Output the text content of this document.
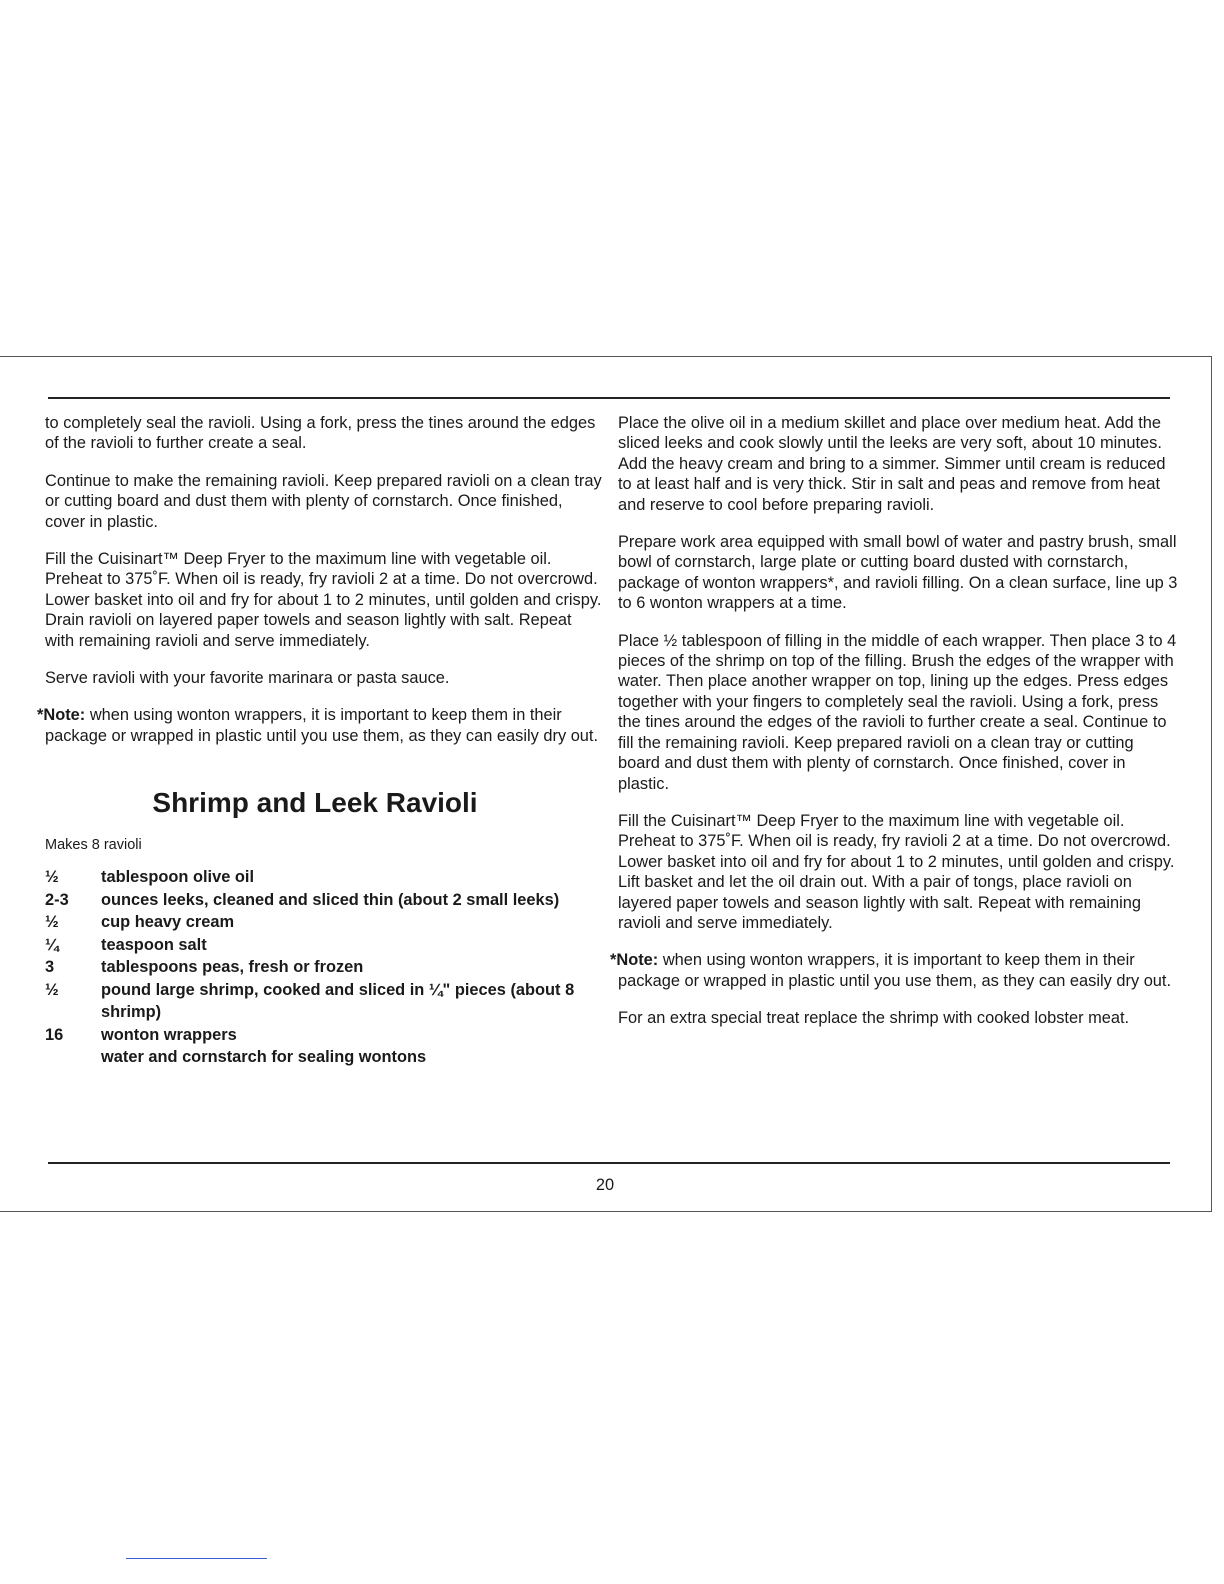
to completely seal the ravioli. Using a fork, press the tines around the edges of the ravioli to further create a seal.

Continue to make the remaining ravioli. Keep prepared ravioli on a clean tray or cutting board and dust them with plenty of cornstarch. Once finished, cover in plastic.

Fill the Cuisinart™ Deep Fryer to the maximum line with vegetable oil. Preheat to 375˚F. When oil is ready, fry ravioli 2 at a time. Do not overcrowd. Lower basket into oil and fry for about 1 to 2 minutes, until golden and crispy. Drain ravioli on layered paper towels and season lightly with salt. Repeat with remaining ravioli and serve immediately.

Serve ravioli with your favorite marinara or pasta sauce.

*Note: when using wonton wrappers, it is important to keep them in their package or wrapped in plastic until you use them, as they can easily dry out.

Shrimp and Leek Ravioli
Makes 8 ravioli
½	tablespoon olive oil
2-3 ounces leeks, cleaned and sliced thin (about 2 small leeks)
½	cup heavy cream
¼	teaspoon salt
3	tablespoons peas, fresh or frozen
½	pound large shrimp, cooked and sliced in ¼" pieces (about 8 shrimp)
16 wonton wrappers
water and cornstarch for sealing wontons

Place the olive oil in a medium skillet and place over medium heat. Add the sliced leeks and cook slowly until the leeks are very soft, about 10 minutes. Add the heavy cream and bring to a simmer. Simmer until cream is reduced to at least half and is very thick. Stir in salt and peas and remove from heat and reserve to cool before preparing ravioli.

Prepare work area equipped with small bowl of water and pastry brush, small bowl of cornstarch, large plate or cutting board dusted with cornstarch, package of wonton wrappers*, and ravioli filling. On a clean surface, line up 3 to 6 wonton wrappers at a time.

Place ½ tablespoon of filling in the middle of each wrapper. Then place 3 to 4 pieces of the shrimp on top of the filling. Brush the edges of the wrapper with water. Then place another wrapper on top, lining up the edges. Press edges together with your fingers to completely seal the ravioli. Using a fork, press the tines around the edges of the ravioli to further create a seal. Continue to fill the remaining ravioli. Keep prepared ravioli on a clean tray or cutting board and dust them with plenty of cornstarch. Once finished, cover in plastic.

Fill the Cuisinart™ Deep Fryer to the maximum line with vegetable oil. Preheat to 375˚F. When oil is ready, fry ravioli 2 at a time. Do not overcrowd. Lower basket into oil and fry for about 1 to 2 minutes, until golden and crispy. Lift basket and let the oil drain out. With a pair of tongs, place ravioli on layered paper towels and season lightly with salt. Repeat with remaining ravioli and serve immediately.

*Note: when using wonton wrappers, it is important to keep them in their package or wrapped in plastic until you use them, as they can easily dry out.

For an extra special treat replace the shrimp with cooked lobster meat.

20
